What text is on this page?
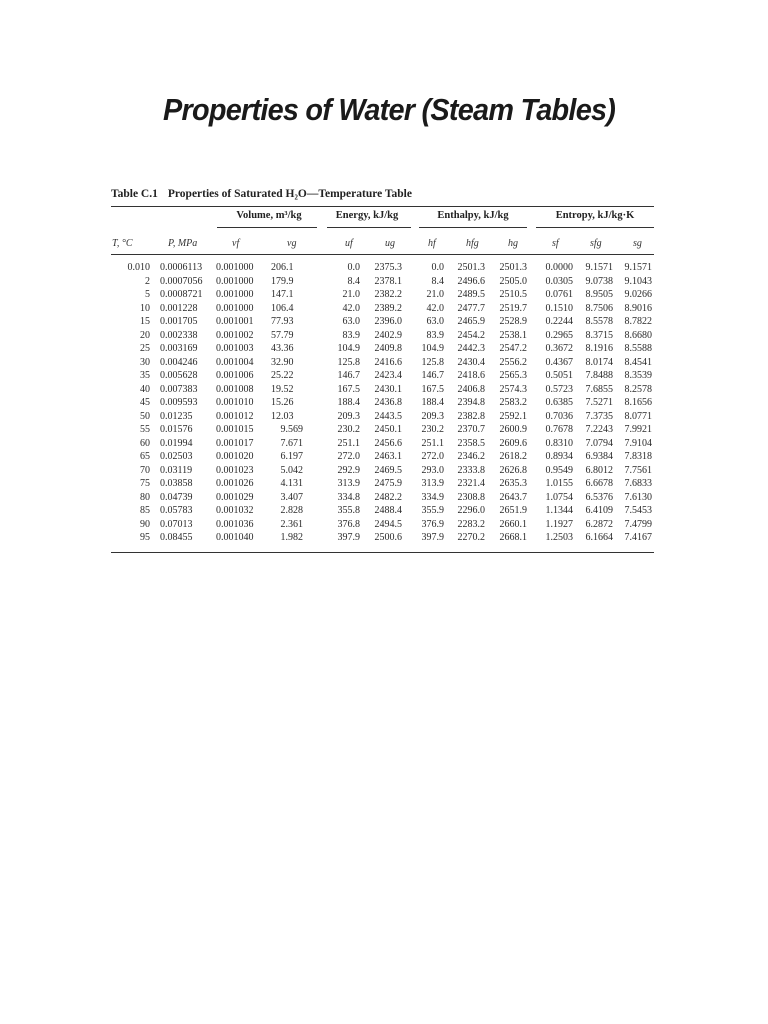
Properties of Water (Steam Tables)
Table C.1 Properties of Saturated H₂O—Temperature Table
Volume, m³/kg	Energy, kJ/kg	Enthalpy, kJ/kg	Entropy, kJ/kg·K
T, °C	P, MPa	vf	vg	uf	ug	hf	hfg	hg	sf	sfg	sg
0.010 0.0006113 0.001000 206.1	0.0	2375.3	0.0	2501.3	2501.3	0.0000	9.1571	9.1571
2 0.0007056 0.001000 179.9	8.4	2378.1	8.4	2496.6	2505.0	0.0305	9.0738	9.1043
5 0.0008721 0.001000 147.1	21.0	2382.2	21.0	2489.5	2510.5	0.0761	8.9505	9.0266
10 0.001228 0.001000 106.4	42.0	2389.2	42.0	2477.7	2519.7	0.1510	8.7506	8.9016
15 0.001705 0.001001 77.93	63.0	2396.0	63.0	2465.9	2528.9	0.2244	8.5578	8.7822
20 0.002338 0.001002 57.79	83.9	2402.9	83.9	2454.2	2538.1	0.2965	8.3715	8.6680
25 0.003169 0.001003 43.36	104.9	2409.8	104.9	2442.3	2547.2	0.3672	8.1916	8.5588
30 0.004246 0.001004 32.90	125.8	2416.6	125.8	2430.4	2556.2	0.4367	8.0174	8.4541
35 0.005628 0.001006 25.22	146.7	2423.4	146.7	2418.6	2565.3	0.5051	7.8488	8.3539
40 0.007383 0.001008 19.52	167.5	2430.1	167.5	2406.8	2574.3	0.5723	7.6855	8.2578
45 0.009593 0.001010 15.26	188.4	2436.8	188.4	2394.8	2583.2	0.6385	7.5271	8.1656
50 0.01235 0.001012 12.03	209.3	2443.5	209.3	2382.8	2592.1	0.7036	7.3735	8.0771
55 0.01576 0.001015	9.569	230.2	2450.1	230.2	2370.7	2600.9	0.7678	7.2243	7.9921
60 0.01994 0.001017	7.671	251.1	2456.6	251.1	2358.5	2609.6	0.8310	7.0794	7.9104
65 0.02503 0.001020	6.197	272.0	2463.1	272.0	2346.2	2618.2	0.8934	6.9384	7.8318
70 0.03119 0.001023	5.042	292.9	2469.5	293.0	2333.8	2626.8	0.9549	6.8012	7.7561
75 0.03858 0.001026	4.131	313.9	2475.9	313.9	2321.4	2635.3	1.0155	6.6678	7.6833
80 0.04739 0.001029	3.407	334.8	2482.2	334.9	2308.8	2643.7	1.0754	6.5376	7.6130
85 0.05783 0.001032	2.828	355.8	2488.4	355.9	2296.0	2651.9	1.1344	6.4109	7.5453
90 0.07013 0.001036	2.361	376.8	2494.5	376.9	2283.2	2660.1	1.1927	6.2872	7.4799
95 0.08455 0.001040	1.982	397.9	2500.6	397.9	2270.2	2668.1	1.2503	6.1664	7.4167
